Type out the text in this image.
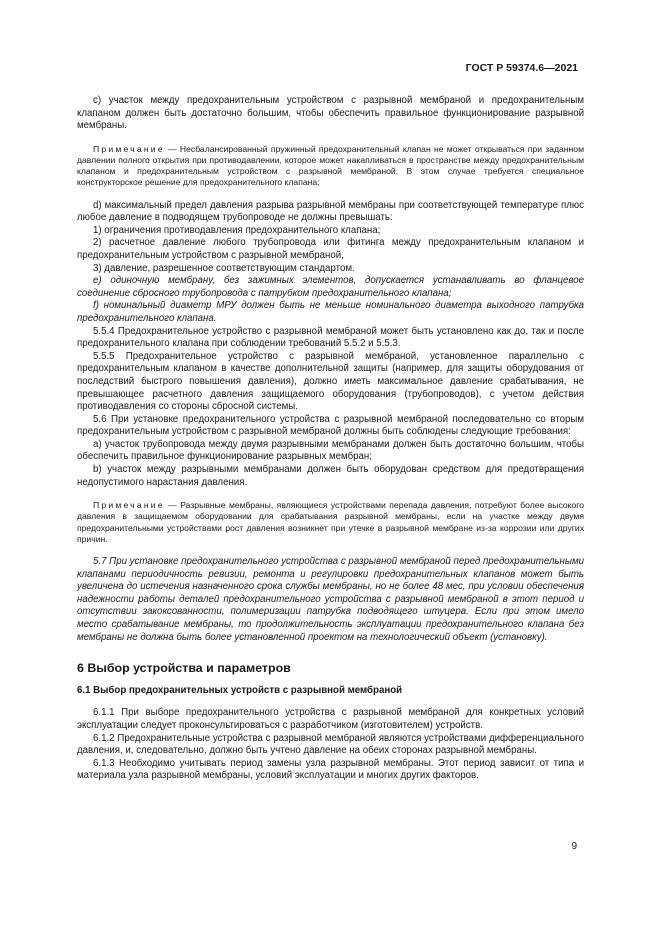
ГОСТ Р 59374.6—2021

с) участок между предохранительным устройством с разрывной мембраной и предохранительным клапаном должен быть достаточно большим, чтобы обеспечить правильное функционирование разрывной мембраны.

Примечание — Несбалансированный пружинный предохранительный клапан не может открываться при заданном давлении полного открытия при противодавлении, которое может накапливаться в пространстве между предохранительным клапаном и предохранительным устройством с разрывной мембраной. В этом случае требуется специальное конструкторское решение для предохранительного клапана;

d) максимальный предел давления разрыва разрывной мембраны при соответствующей температуре плюс любое давление в подводящем трубопроводе не должны превышать:

1) ограничения противодавления предохранительного клапана;

2) расчетное давление любого трубопровода или фитинга между предохранительным клапаном и предохранительным устройством с разрывной мембраной,

3) давление, разрешенное соответствующим стандартом.

е) одиночную мембрану, без зажимных элементов, допускается устанавливать во фланцевое соединение сбросного трубопровода с патрубком предохранительного клапана;

f) номинальный диаметр МРУ должен быть не меньше номинального диаметра выходного патрубка предохранительного клапана.

5.5.4 Предохранительное устройство с разрывной мембраной может быть установлено как до, так и после предохранительного клапана при соблюдении требований 5.5.2 и 5.5.3.

5.5.5 Предохранительное устройство с разрывной мембраной, установленное параллельно с предохранительным клапаном в качестве дополнительной защиты (например, для защиты оборудования от последствий быстрого повышения давления), должно иметь максимальное давление срабатывания, не превышающее расчетного давления защищаемого оборудования (трубопроводов), с учетом действия противодавления со стороны сбросной системы.

5.6 При установке предохранительного устройства с разрывной мембраной последовательно со вторым предохранительным устройством с разрывной мембраной должны быть соблюдены следующие требования:

а) участок трубопровода между двумя разрывными мембранами должен быть достаточно большим, чтобы обеспечить правильное функционирование разрывных мембран;

b) участок между разрывными мембранами должен быть оборудован средством для предотвращения недопустимого нарастания давления.

Примечание — Разрывные мембраны, являющиеся устройствами перепада давления, потребуют более высокого давления в защищаемом оборудовании для срабатывания разрывной мембраны, если на участке между двумя предохранительными устройствами рост давления возникнет при утечке в разрывной мембране из-за коррозии или других причин.

5.7 При установке предохранительного устройства с разрывной мембраной перед предохранительными клапанами периодичность ревизии, ремонта и регулировки предохранительных клапанов может быть увеличена до истечения назначенного срока службы мембраны, но не более 48 мес, при условии обеспечения надежности работы деталей предохранительного устройства с разрывной мембраной в этот период и отсутствии закоксованности, полимеризации патрубка подводящего штуцера. Если при этом имело место срабатывание мембраны, то продолжительность эксплуатации предохранительного клапана без мембраны не должна быть более установленной проектом на технологический объект (установку).

6 Выбор устройства и параметров
6.1 Выбор предохранительных устройств с разрывной мембраной

6.1.1 При выборе предохранительного устройства с разрывной мембраной для конкретных условий эксплуатации следует проконсультироваться с разработчиком (изготовителем) устройств.

6.1.2 Предохранительные устройства с разрывной мембраной являются устройствами дифференциального давления, и, следовательно, должно быть учтено давление на обеих сторонах разрывной мембраны.

6.1.3 Необходимо учитывать период замены узла разрывной мембраны. Этот период зависит от типа и материала узла разрывной мембраны, условий эксплуатации и многих других факторов.

9
